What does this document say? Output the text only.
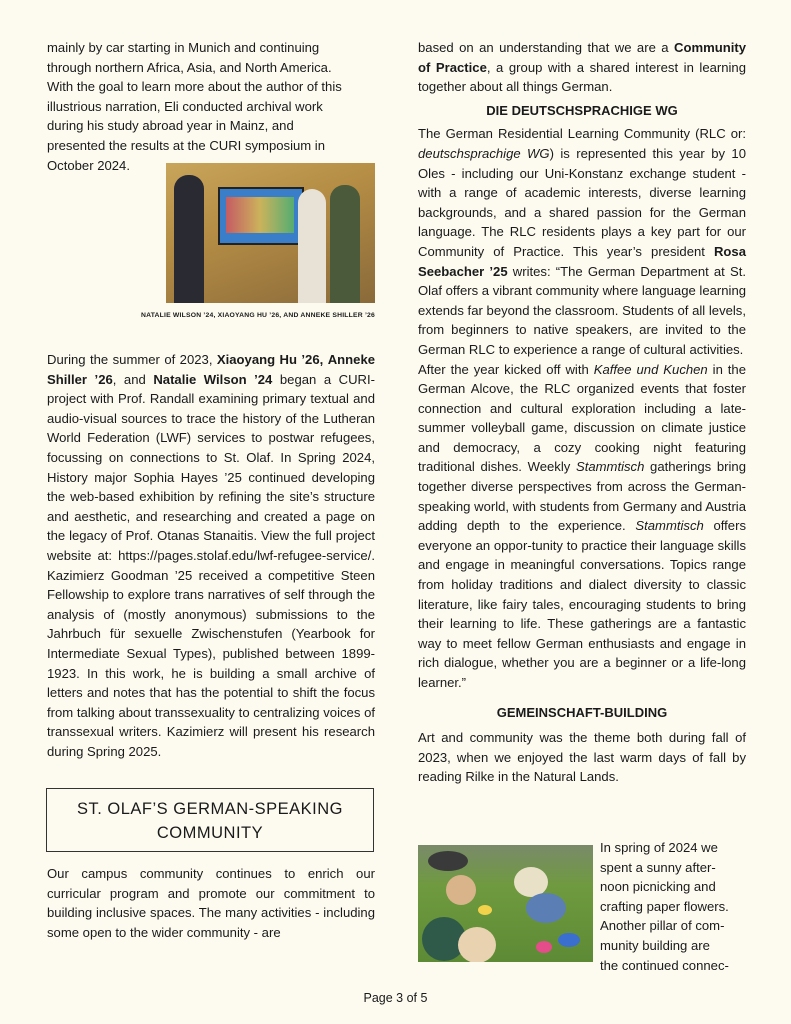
mainly by car starting in Munich and continuing

through northern Africa, Asia, and North America.

With the goal to learn more about the author of this

illustrious narration, Eli conducted archival work

during his study abroad year in Mainz, and

presented the results at the CURI symposium in

October 2024.

NATALIE WILSON ’24, XIAOYANG HU ’26, AND ANNEKE SHILLER ’26

During the summer of 2023, Xiaoyang Hu ’26, Anneke Shiller ’26, and Natalie Wilson ’24 began a CURI-project with Prof. Randall examining primary textual and audio-visual sources to trace the history of the Lutheran World Federation (LWF) services to postwar refugees, focussing on connections to St. Olaf. In Spring 2024, History major Sophia Hayes ’25 continued developing the web-based exhibition by refining the site’s structure and aesthetic, and researching and created a page on the legacy of Prof. Otanas Stanaitis. View the full project website at: https://pages.stolaf.edu/lwf-refugee-service/. Kazimierz Goodman ’25 received a competitive Steen Fellowship to explore trans narratives of self through the analysis of (mostly anonymous) submissions to the Jahrbuch für sexuelle Zwischenstufen (Yearbook for Intermediate Sexual Types), published between 1899-1923. In this work, he is building a small archive of letters and notes that has the potential to shift the focus from talking about transsexuality to centralizing voices of transsexual writers. Kazimierz will present his research during Spring 2025.

ST. OLAF’S GERMAN-SPEAKING
COMMUNITY

Our campus community continues to enrich our curricular program and promote our commitment to building inclusive spaces. The many activities - including some open to the wider community - are

based on an understanding that we are a Community of Practice, a group with a shared interest in learning together about all things German.

DIE DEUTSCHSPRACHIGE WG

The German Residential Learning Community (RLC or: deutschsprachige WG) is represented this year by 10 Oles - including our Uni-Konstanz exchange student - with a range of academic interests, diverse learning backgrounds, and a shared passion for the German language. The RLC residents plays a key part for our Community of Practice. This year’s president Rosa Seebacher ’25 writes: “The German Department at St. Olaf offers a vibrant community where language learning extends far beyond the classroom. Students of all levels, from beginners to native speakers, are invited to the German RLC to experience a range of cultural activities.

After the year kicked off with Kaffee und Kuchen in the German Alcove, the RLC organized events that foster connection and cultural exploration including a late-summer volleyball game, discussion on climate justice and democracy, a cozy cooking night featuring traditional dishes. Weekly Stammtisch gatherings bring together diverse perspectives from across the German-speaking world, with students from Germany and Austria adding depth to the experience. Stammtisch offers everyone an oppor-tunity to practice their language skills and engage in meaningful conversations. Topics range from holiday traditions and dialect diversity to classic literature, like fairy tales, encouraging students to bring their learning to life. These gatherings are a fantastic way to meet fellow German enthusiasts and engage in rich dialogue, whether you are a beginner or a life-long learner.”

GEMEINSCHAFT-BUILDING

Art and community was the theme both during fall of 2023, when we enjoyed the last warm days of fall by reading Rilke in the Natural Lands.

In spring of 2024 we
spent a sunny after-
noon picnicking and
crafting paper flowers.
Another pillar of com-
munity building are
the continued connec-
Page 3 of 5
